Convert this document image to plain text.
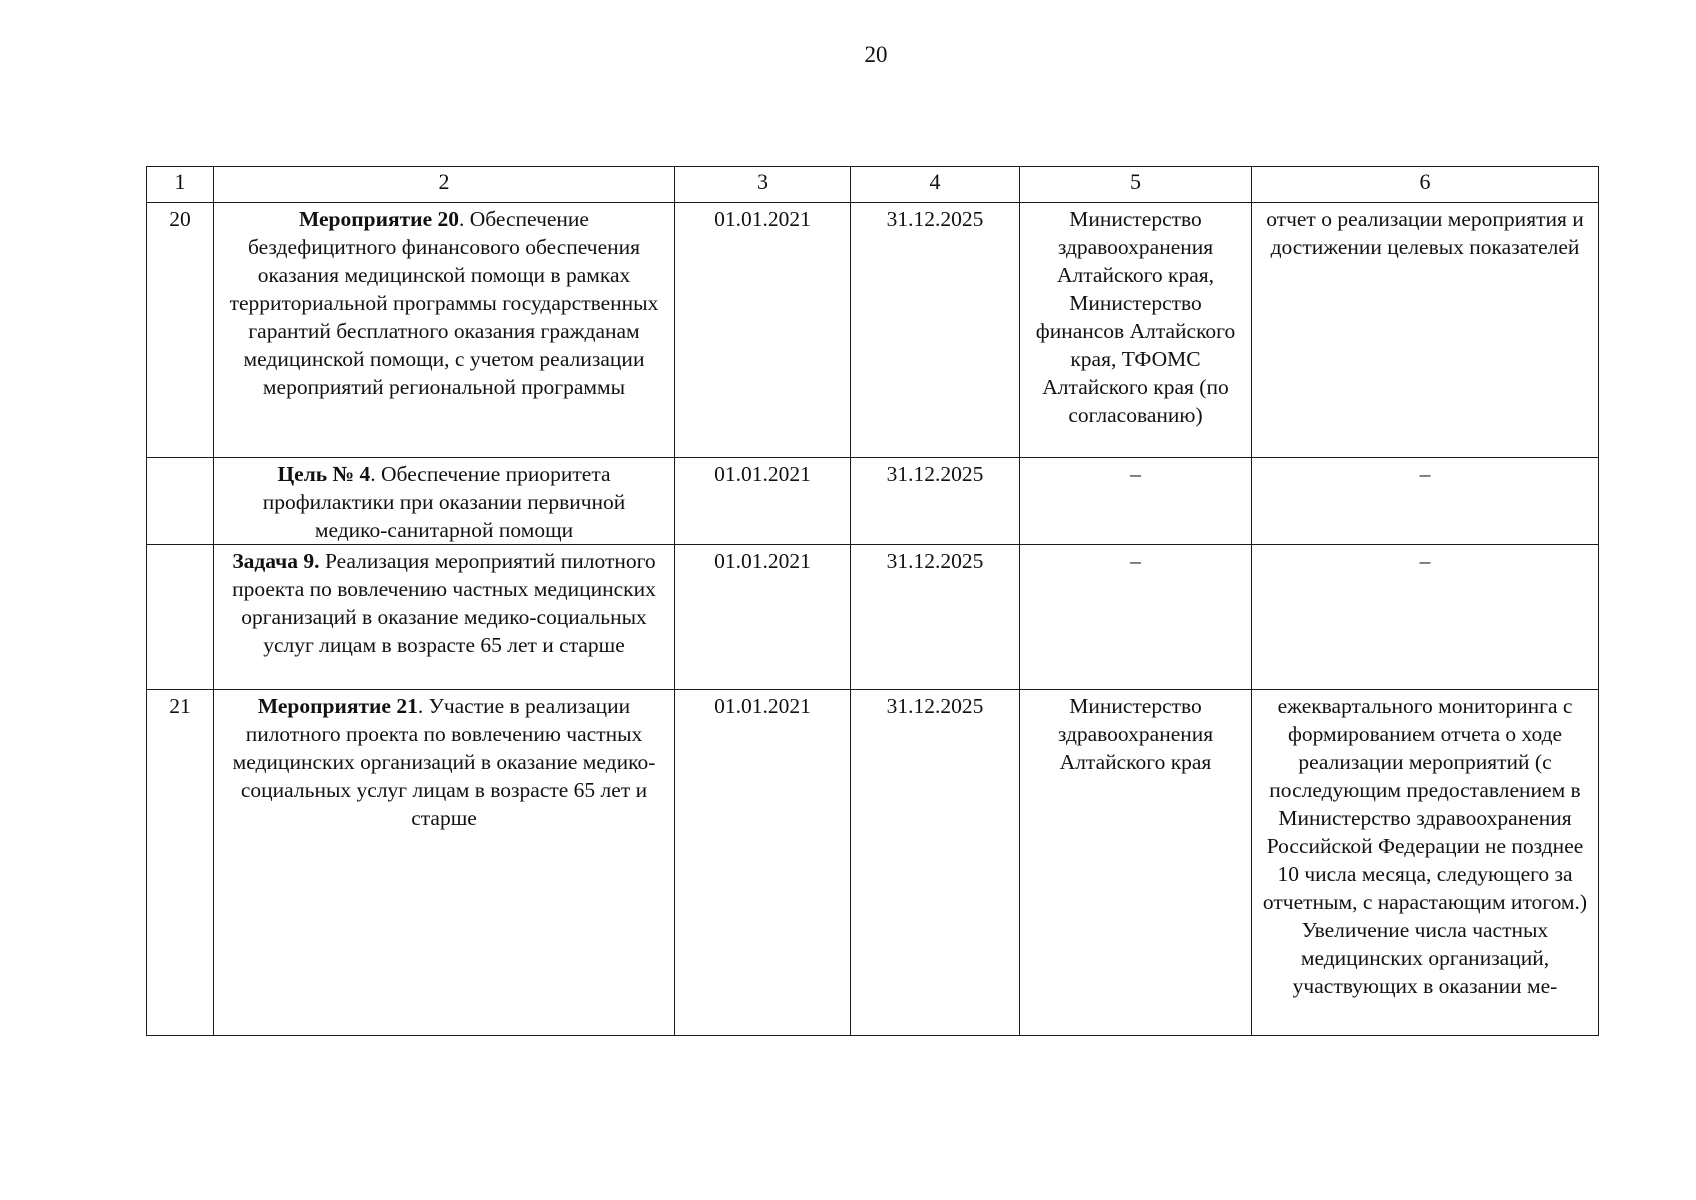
20
1	2	3	4	5	6
20	Мероприятие 20. Обеспечение бездефицитного финансового обеспечения оказания медицинской помощи в рамках территориальной программы государственных гарантий бесплатного оказания гражданам медицинской помощи, с учетом реализации мероприятий региональной программы	01.01.2021	31.12.2025	Министерство здравоохранения Алтайского края, Министерство финансов Алтайского края, ТФОМС Алтайского края (по согласованию)	отчет о реализации мероприятия и достижении целевых показателей
	Цель № 4. Обеспечение приоритета профилактики при оказании первичной медико-санитарной помощи	01.01.2021	31.12.2025	–	–
	Задача 9. Реализация мероприятий пилотного проекта по вовлечению частных медицинских организаций в оказание медико-социальных услуг лицам в возрасте 65 лет и старше	01.01.2021	31.12.2025	–	–
21	Мероприятие 21. Участие в реализации пилотного проекта по вовлечению частных медицинских организаций в оказание медико-социальных услуг лицам в возрасте 65 лет и старше	01.01.2021	31.12.2025	Министерство здравоохранения Алтайского края	ежеквартального мониторинга с формированием отчета о ходе реализации мероприятий (с последующим предоставлением в Министерство здравоохранения Российской Федерации не позднее 10 числа месяца, следующего за отчетным, с нарастающим итогом.) Увеличение числа частных медицинских организаций, участвующих в оказании ме-
